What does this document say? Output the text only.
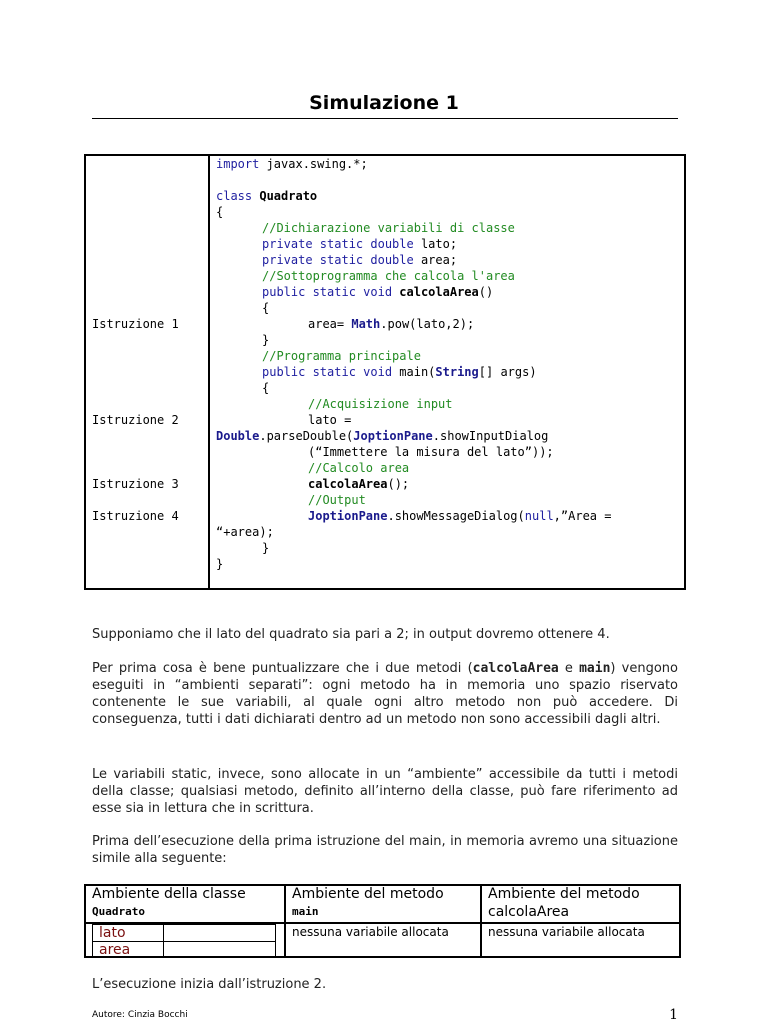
Simulazione 1
Istruzione 1
Istruzione 2
Istruzione 3
Istruzione 4
import javax.swing.*;
class Quadrato
{
//Dichiarazione variabili di classe
private static double lato;
private static double area;
//Sottoprogramma che calcola l'area
public static void calcolaArea()
{
area= Math.pow(lato,2);
}
//Programma principale
public static void main(String[] args)
{
//Acquisizione input
lato =
Double.parseDouble(JoptionPane.showInputDialog
(“Immettere la misura del lato”));
//Calcolo area
calcolaArea();
//Output
JoptionPane.showMessageDialog(null,”Area =
“+area);
}
}

Supponiamo che il lato del quadrato sia pari a 2; in output dovremo ottenere 4.

Per prima cosa è bene puntualizzare che i due metodi (calcolaArea e main) vengono eseguiti in “ambienti separati”: ogni metodo ha in memoria uno spazio riservato contenente le sue variabili, al quale ogni altro metodo non può accedere. Di conseguenza, tutti i dati dichiarati dentro ad un metodo non sono accessibili dagli altri.

Le variabili static, invece, sono allocate in un “ambiente” accessibile da tutti i metodi della classe; qualsiasi metodo, definito all’interno della classe, può fare riferimento ad esse sia in lettura che in scrittura.

Prima dell’esecuzione della prima istruzione del main, in memoria avremo una situazione simile alla seguente:

Ambiente della classe
Quadrato
lato
area
Ambiente del metodo
main
nessuna variabile allocata
Ambiente del metodo
calcolaArea
nessuna variabile allocata

L’esecuzione inizia dall’istruzione 2.

Autore: Cinzia Bocchi	1
